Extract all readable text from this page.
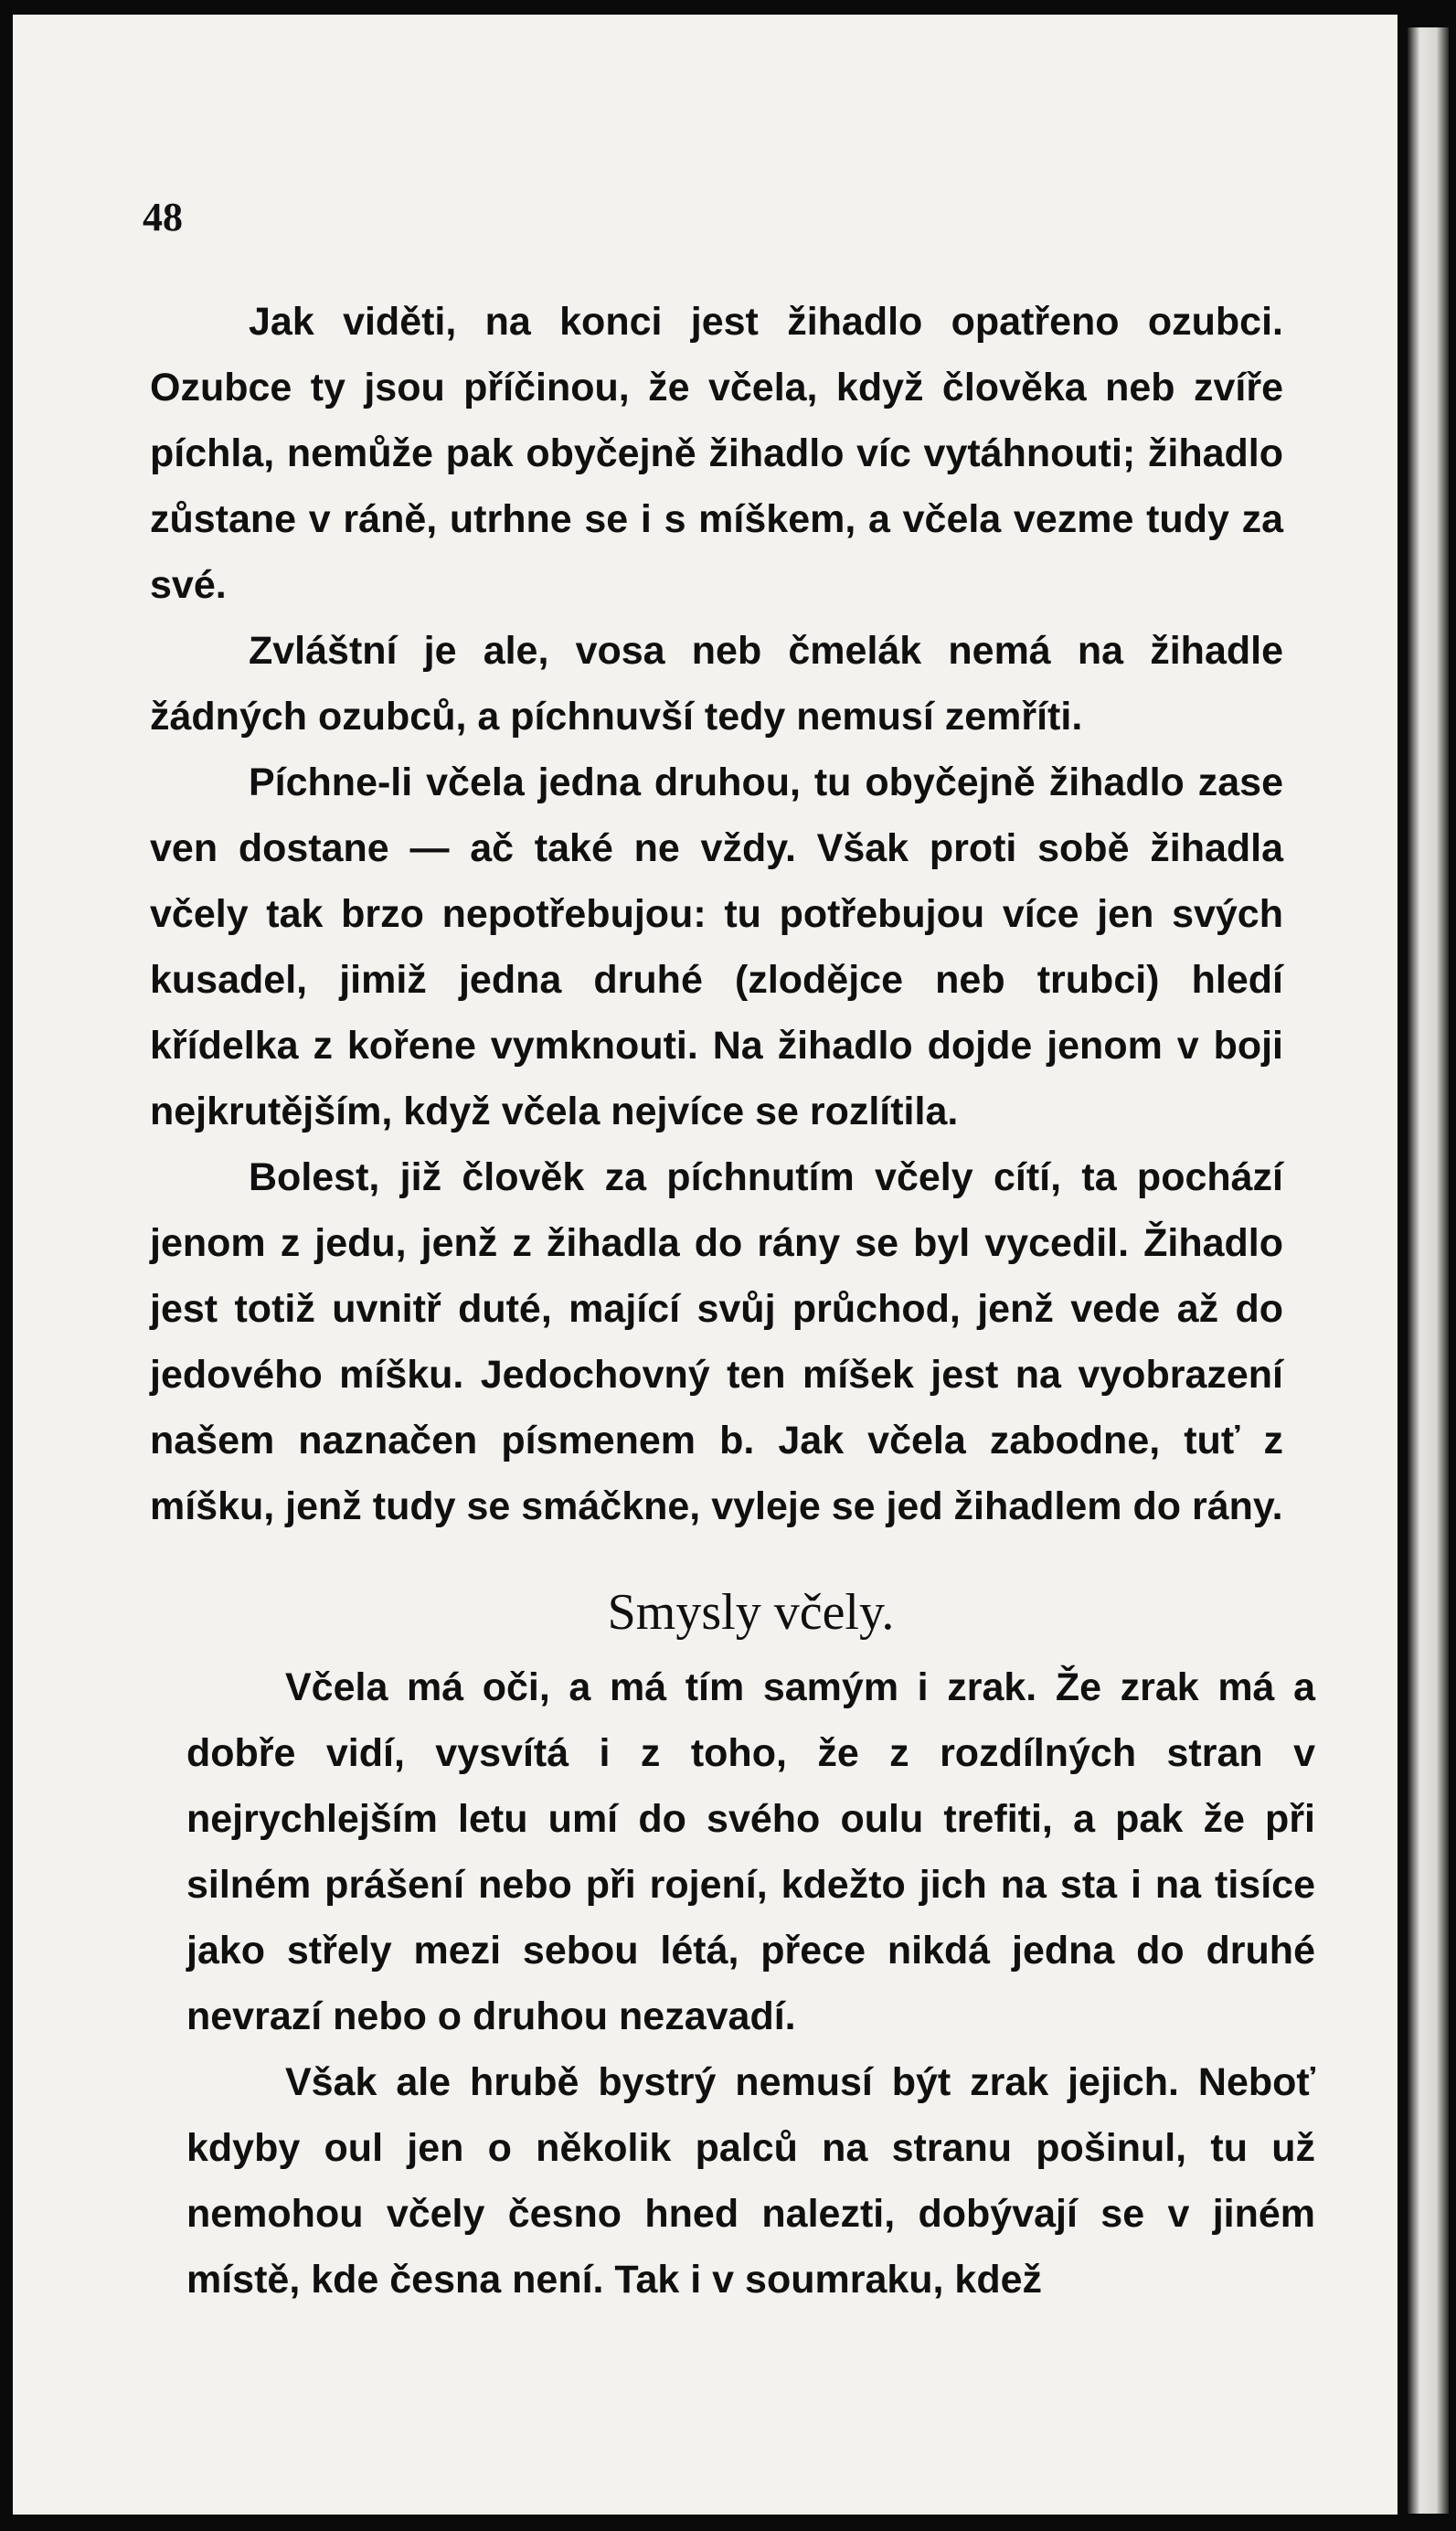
48

Jak viděti, na konci jest žihadlo opatřeno ozubci. Ozubce ty jsou příčinou, že včela, když člověka neb zvíře píchla, nemůže pak obyčejně žihadlo víc vytáhnouti; žihadlo zůstane v ráně, utrhne se i s míškem, a včela vezme tudy za své.

Zvláštní je ale, vosa neb čmelák nemá na žihadle žádných ozubců, a píchnuvší tedy nemusí zemříti.

Píchne-li včela jedna druhou, tu obyčejně žihadlo zase ven dostane — ač také ne vždy. Však proti sobě žihadla včely tak brzo nepotřebujou: tu potřebujou více jen svých kusadel, jimiž jedna druhé (zlodějce neb trubci) hledí křídelka z kořene vymknouti. Na žihadlo dojde jenom v boji nejkrutějším, když včela nejvíce se rozlítila.

Bolest, již člověk za píchnutím včely cítí, ta pochází jenom z jedu, jenž z žihadla do rány se byl vycedil. Žihadlo jest totiž uvnitř duté, mající svůj průchod, jenž vede až do jedového míšku. Jedochovný ten míšek jest na vyobrazení našem naznačen písmenem b. Jak včela zabodne, tuť z míšku, jenž tudy se smáčkne, vyleje se jed žihadlem do rány.

Smysly včely.

Včela má oči, a má tím samým i zrak. Že zrak má a dobře vidí, vysvítá i z toho, že z rozdílných stran v nejrychlejším letu umí do svého oulu trefiti, a pak že při silném prášení nebo při rojení, kdežto jich na sta i na tisíce jako střely mezi sebou létá, přece nikdá jedna do druhé nevrazí nebo o druhou nezavadí.

Však ale hrubě bystrý nemusí být zrak jejich. Neboť kdyby oul jen o několik palců na stranu pošinul, tu už nemohou včely česno hned nalezti, dobývají se v jiném místě, kde česna není. Tak i v soumraku, kdež
